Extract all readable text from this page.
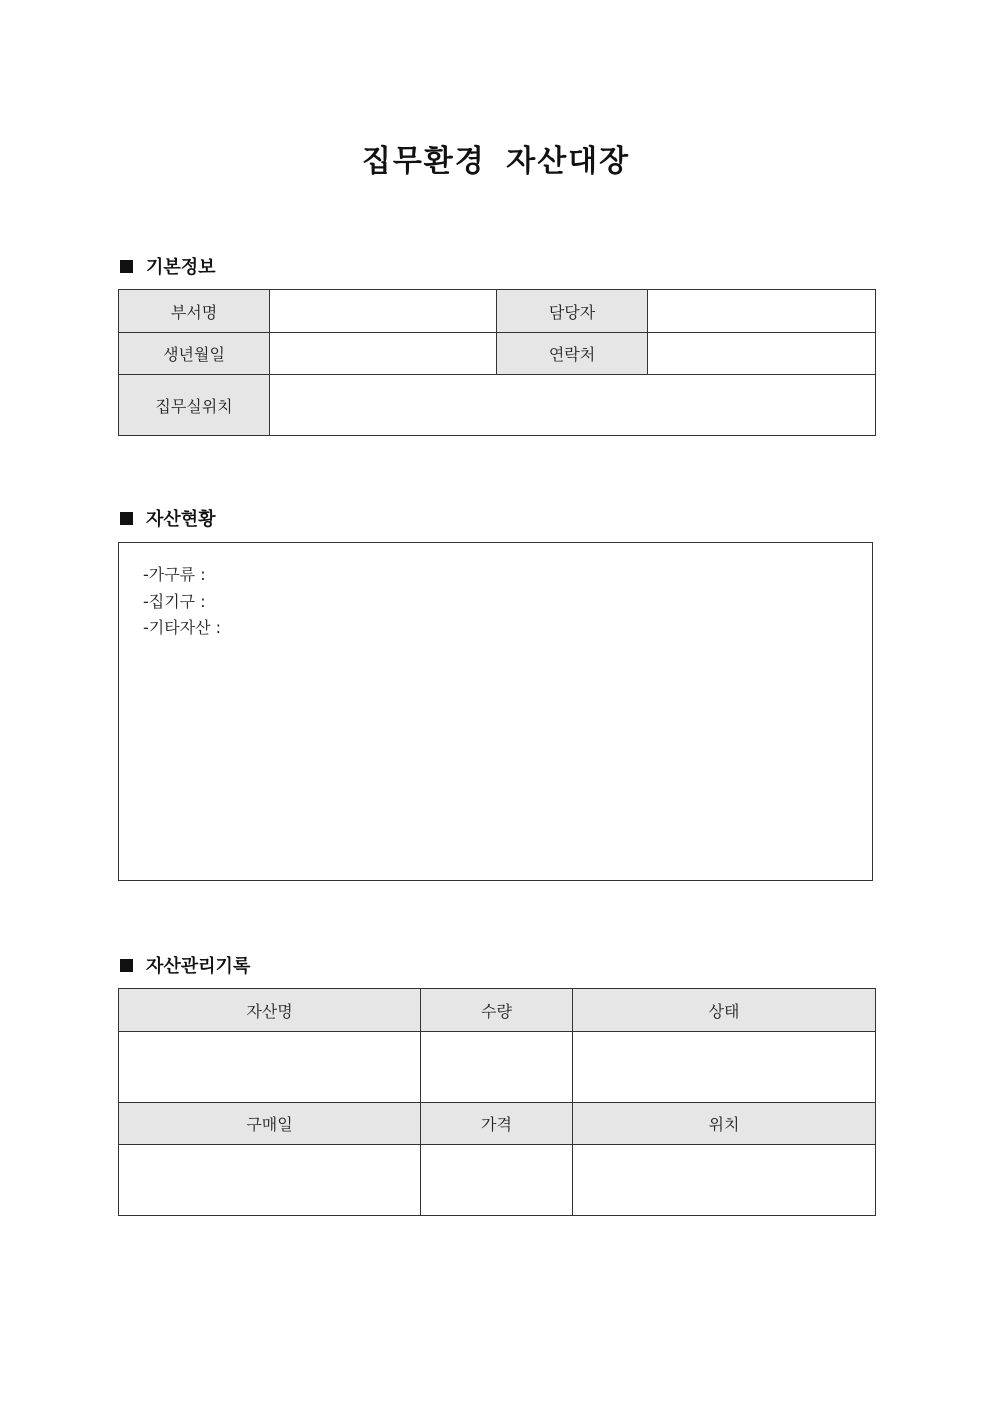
집무환경 자산대장
기본정보
부서명		담당자	
생년월일		연락처	
집무실위치			
자산현황
-가구류 :
-집기구 :
-기타자산 :
자산관리기록
자산명	수량	상태

구매일	가격	위치
